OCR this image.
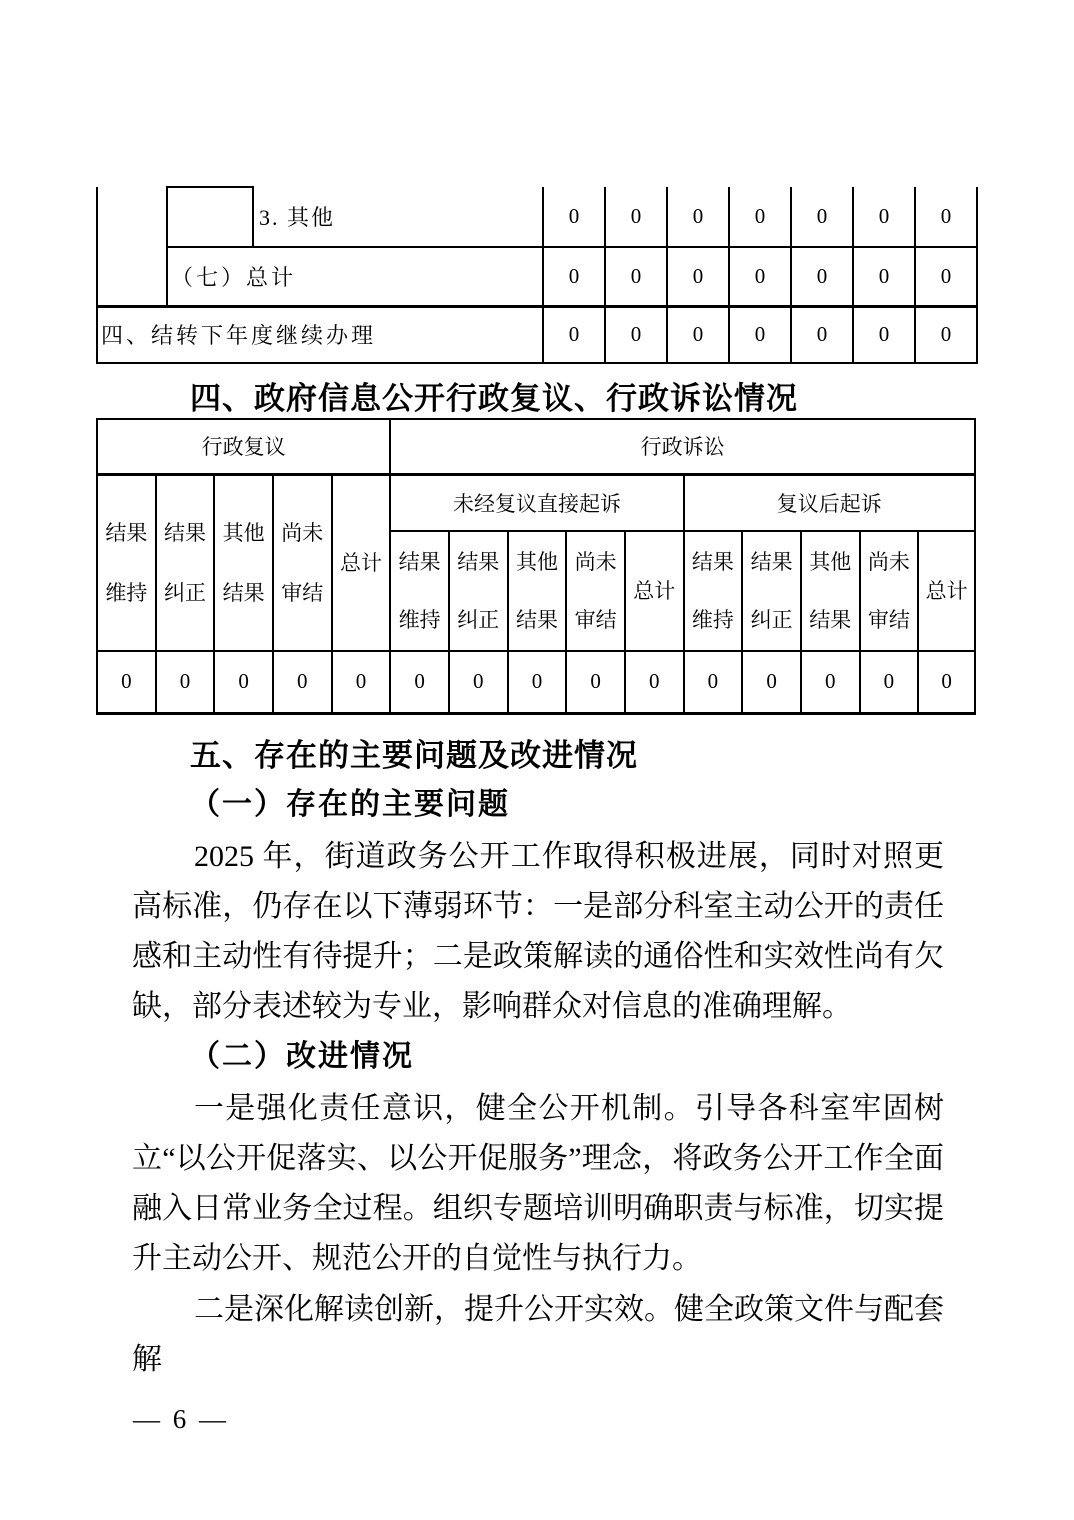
		3. 其他	0	0	0	0	0	0	0
	（七）总计		0	0	0	0	0	0	0
四、结转下年度继续办理			0	0	0	0	0	0	0
四、政府信息公开行政复议、行政诉讼情况
行政复议					行政诉讼									
结果维持	结果纠正	其他结果	尚未审结	总计	未经复议直接起诉					复议后起诉				
					结果维持	结果纠正	其他结果	尚未审结	总计	结果维持	结果纠正	其他结果	尚未审结	总计
0	0	0	0	0	0	0	0	0	0	0	0	0	0	0
五、存在的主要问题及改进情况
（一）存在的主要问题
2025 年，街道政务公开工作取得积极进展，同时对照更高标准，仍存在以下薄弱环节：一是部分科室主动公开的责任感和主动性有待提升；二是政策解读的通俗性和实效性尚有欠缺，部分表述较为专业，影响群众对信息的准确理解。
（二）改进情况
一是强化责任意识，健全公开机制。引导各科室牢固树立“以公开促落实、以公开促服务”理念，将政务公开工作全面融入日常业务全过程。组织专题培训明确职责与标准，切实提升主动公开、规范公开的自觉性与执行力。
二是深化解读创新，提升公开实效。健全政策文件与配套解
— 6 —
